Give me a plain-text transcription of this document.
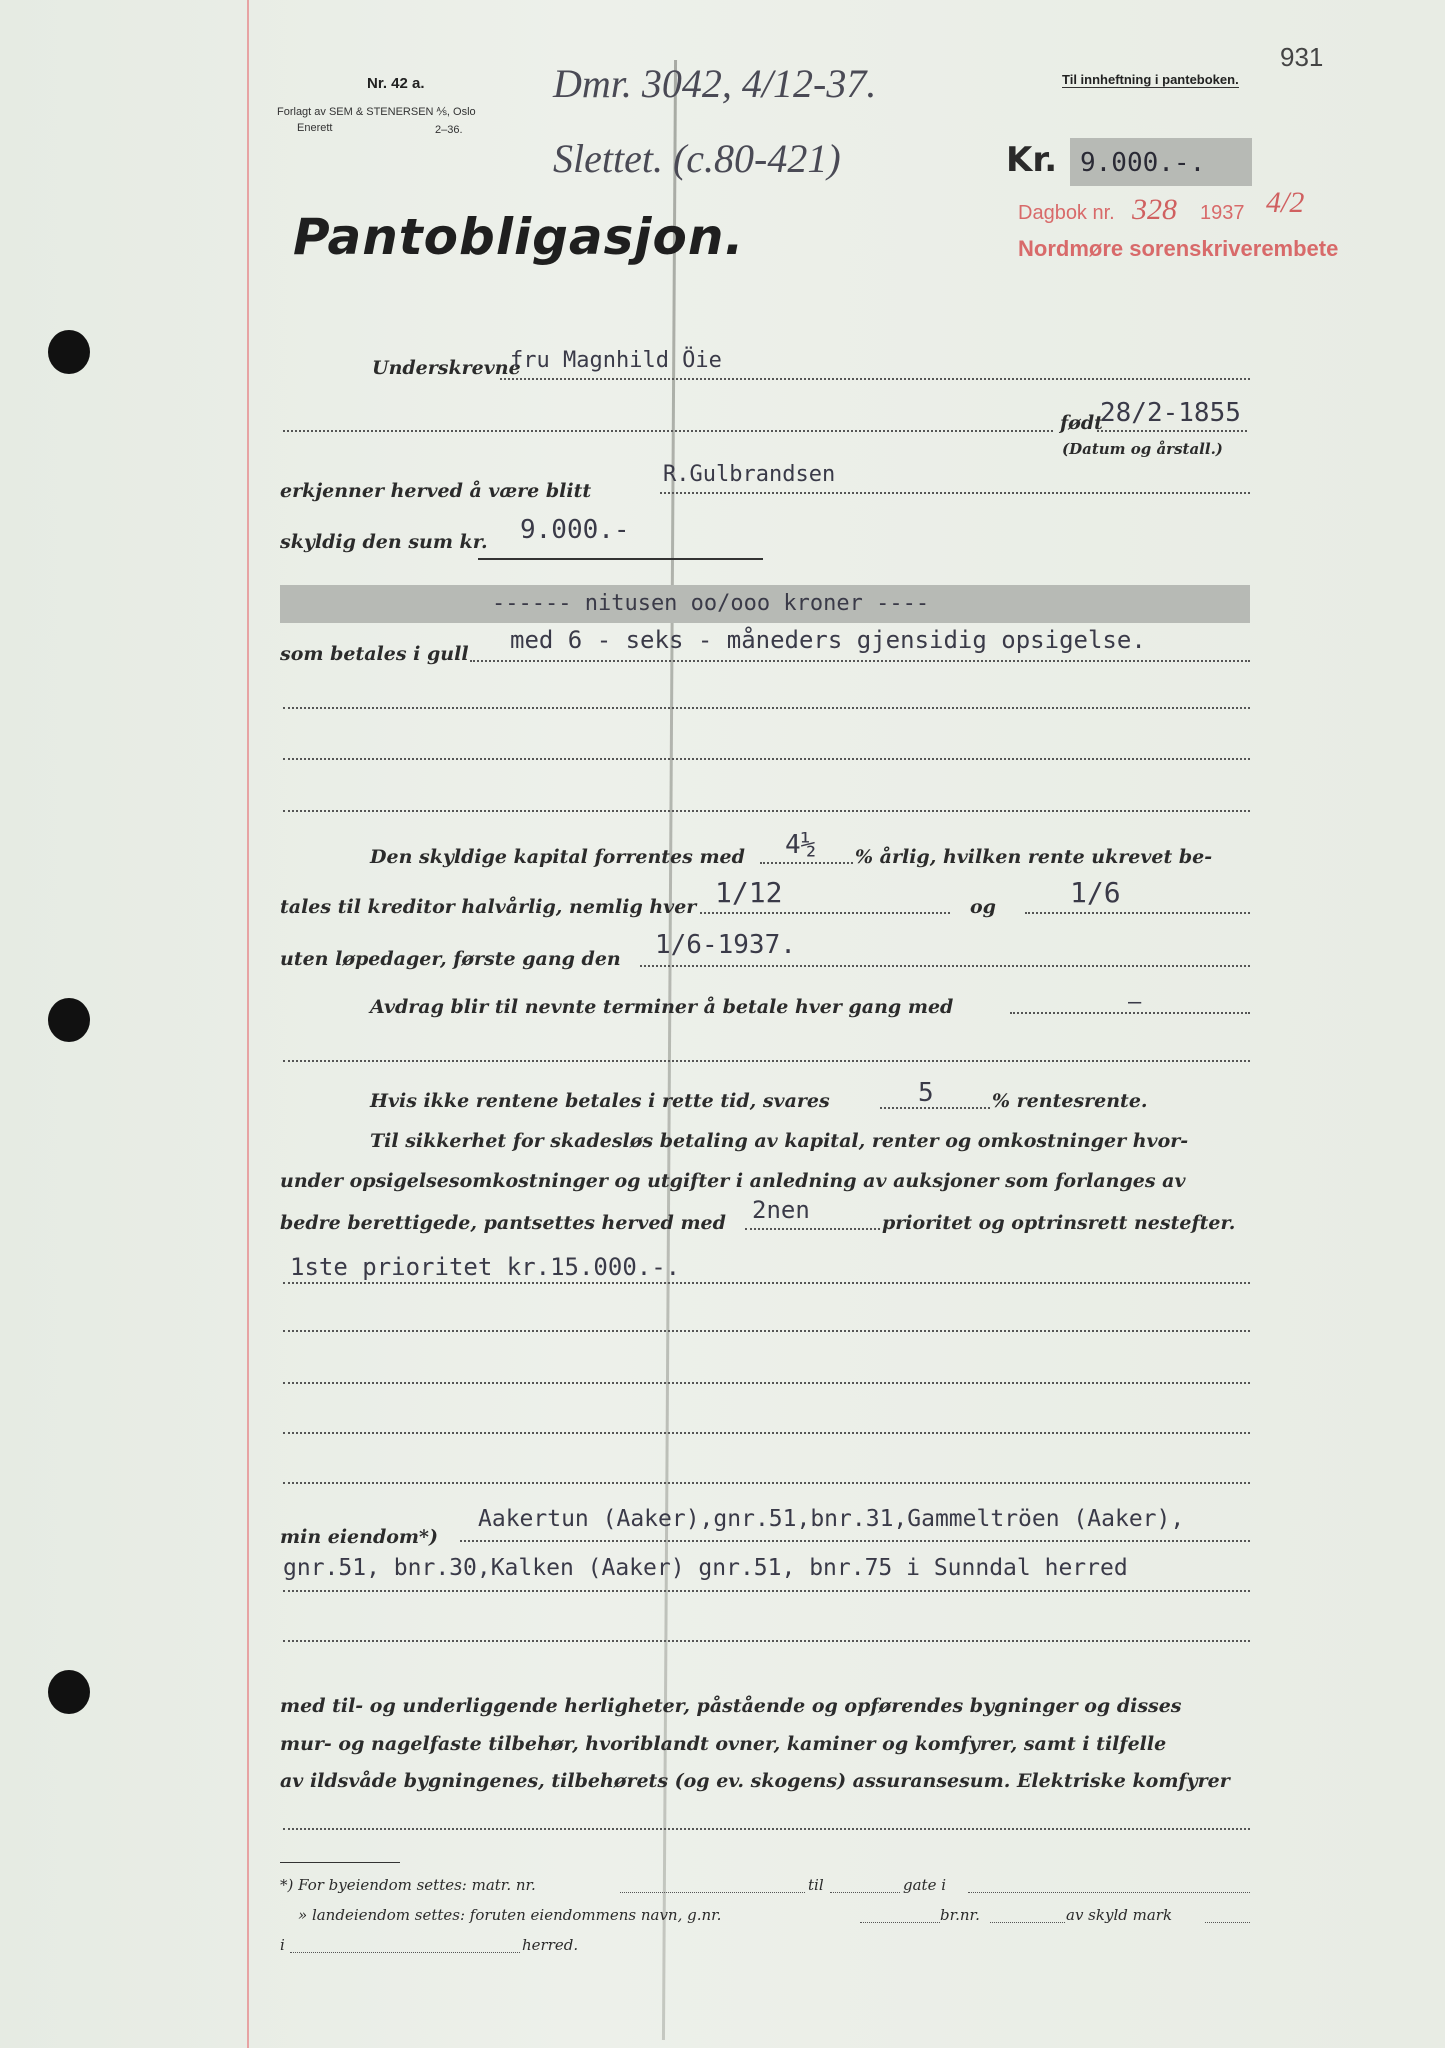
931
Nr. 42 a.
Forlagt av SEM & STENERSEN ⅍, Oslo
Enerett	2–36.
Til innheftning i panteboken.
Dmr. 3042, 4/12-37.
Slettet. (c.80-421)	Kr. 9.000.-.
Dagbok nr. 328 1937 4/2
Nordmøre sorenskriverembete
Pantobligasjon.
Underskrevne
fru Magnhild Öie
født
28/2-1855
(Datum og årstall.)
erkjenner herved å være blitt
R.Gulbrandsen
skyldig den sum kr. 9.000.-
------ nitusen oo/ooo kroner ----
som betales i gull med 6 - seks - måneders gjensidig opsigelse.
Den skyldige kapital forrentes med 4½ % årlig, hvilken rente ukrevet be-
tales til kreditor halvårlig, nemlig hver 1/12	og	1/6
uten løpedager, første gang den 1/6-1937.
Avdrag blir til nevnte terminer å betale hver gang med	—
Hvis ikke rentene betales i rette tid, svares	5	% rentesrente.
Til sikkerhet for skadesløs betaling av kapital, renter og omkostninger hvor-
under opsigelsesomkostninger og utgifter i anledning av auksjoner som forlanges av
bedre berettigede, pantsettes herved med 2nen	prioritet og optrinsrett nestefter.
1ste prioritet kr.15.000.-.
min eiendom*)
Aakertun (Aaker),gnr.51,bnr.31,Gammeltröen (Aaker),
gnr.51, bnr.30,Kalken (Aaker) gnr.51, bnr.75 i Sunndal herred
med til- og underliggende herligheter, påstående og opførendes bygninger og disses
mur- og nagelfaste tilbehør, hvoriblandt ovner, kaminer og komfyrer, samt i tilfelle
av ildsvåde bygningenes, tilbehørets (og ev. skogens) assuransesum. Elektriske komfyrer
*) For byeiendom settes: matr. nr.	til	gate i
» landeiendom settes: foruten eiendommens navn, g.nr.	br.nr.	av skyld mark
i	herred.
